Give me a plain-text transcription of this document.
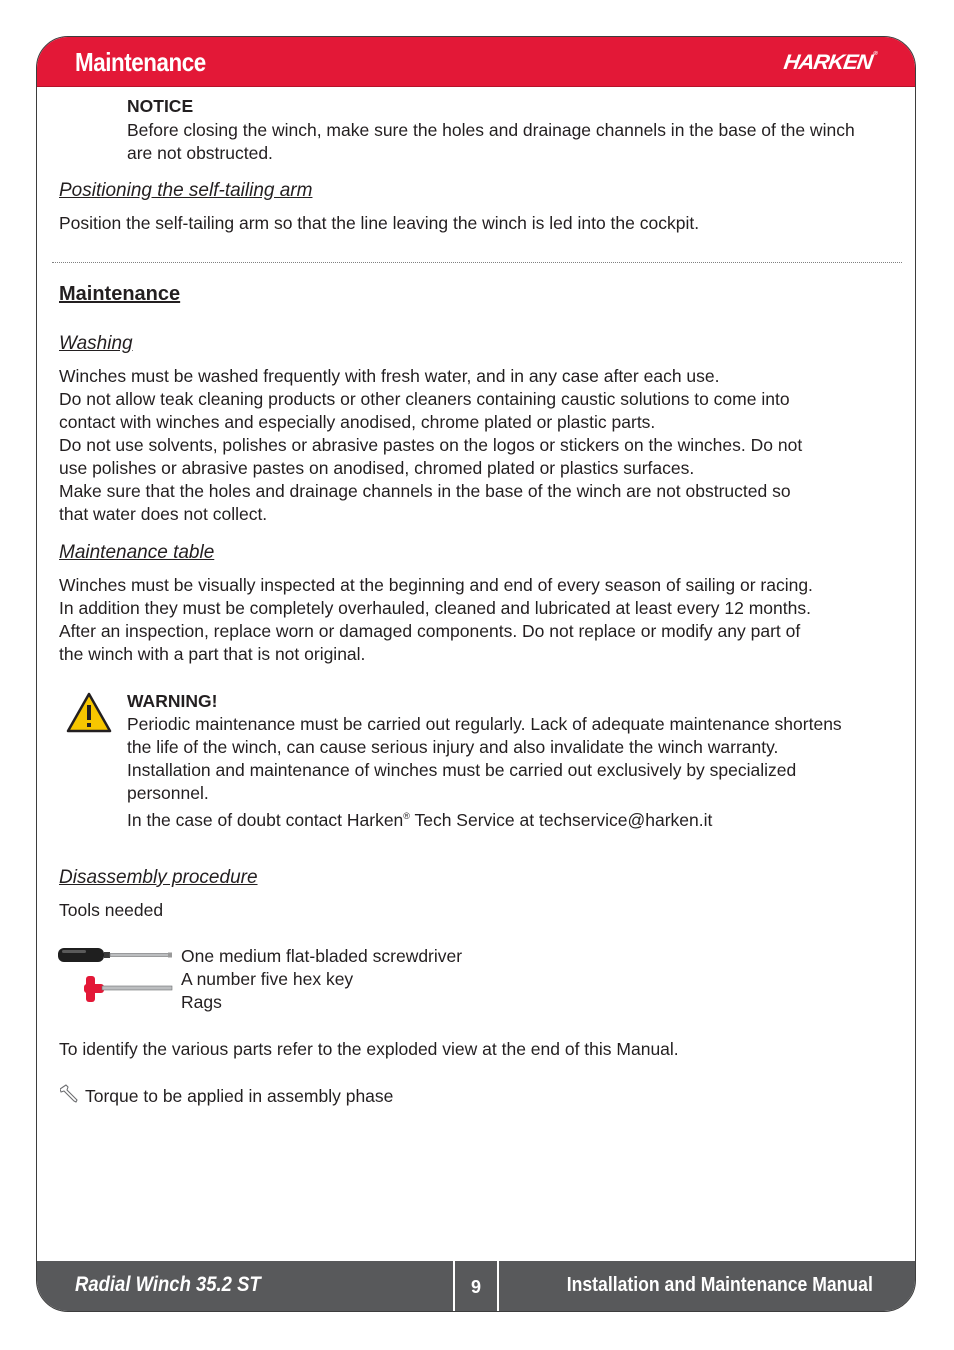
Maintenance	HARKEN®
Radial Winch 35.2 ST	9	Installation and Maintenance Manual
NOTICE
Before closing the winch, make sure the holes and drainage channels in the base of the winch
are not obstructed.
Positioning the self-tailing arm
Position the self-tailing arm so that the line leaving the winch is led into the cockpit.
Maintenance
Washing
Winches must be washed frequently with fresh water, and in any case after each use.
Do not allow teak cleaning products or other cleaners containing caustic solutions to come into
contact with winches and especially anodised, chrome plated or plastic parts.
Do not use solvents, polishes or abrasive pastes on the logos or stickers on the winches. Do not
use polishes or abrasive pastes on anodised, chromed plated or plastics surfaces.
Make sure that the holes and drainage channels in the base of the winch are not obstructed so
that water does not collect.
Maintenance table
Winches must be visually inspected at the beginning and end of every season of sailing or racing.
In addition they must be completely overhauled, cleaned and lubricated at least every 12 months.
After an inspection, replace worn or damaged components. Do not replace or modify any part of
the winch with a part that is not original.
WARNING!
Periodic maintenance must be carried out regularly. Lack of adequate maintenance shortens
the life of the winch, can cause serious injury and also invalidate the winch warranty.
Installation and maintenance of winches must be carried out exclusively by specialized
personnel.
In the case of doubt contact Harken® Tech Service at techservice@harken.it
Disassembly procedure
Tools needed
One medium flat-bladed screwdriver
A number five hex key
Rags
To identify the various parts refer to the exploded view at the end of this Manual.
Torque to be applied in assembly phase
